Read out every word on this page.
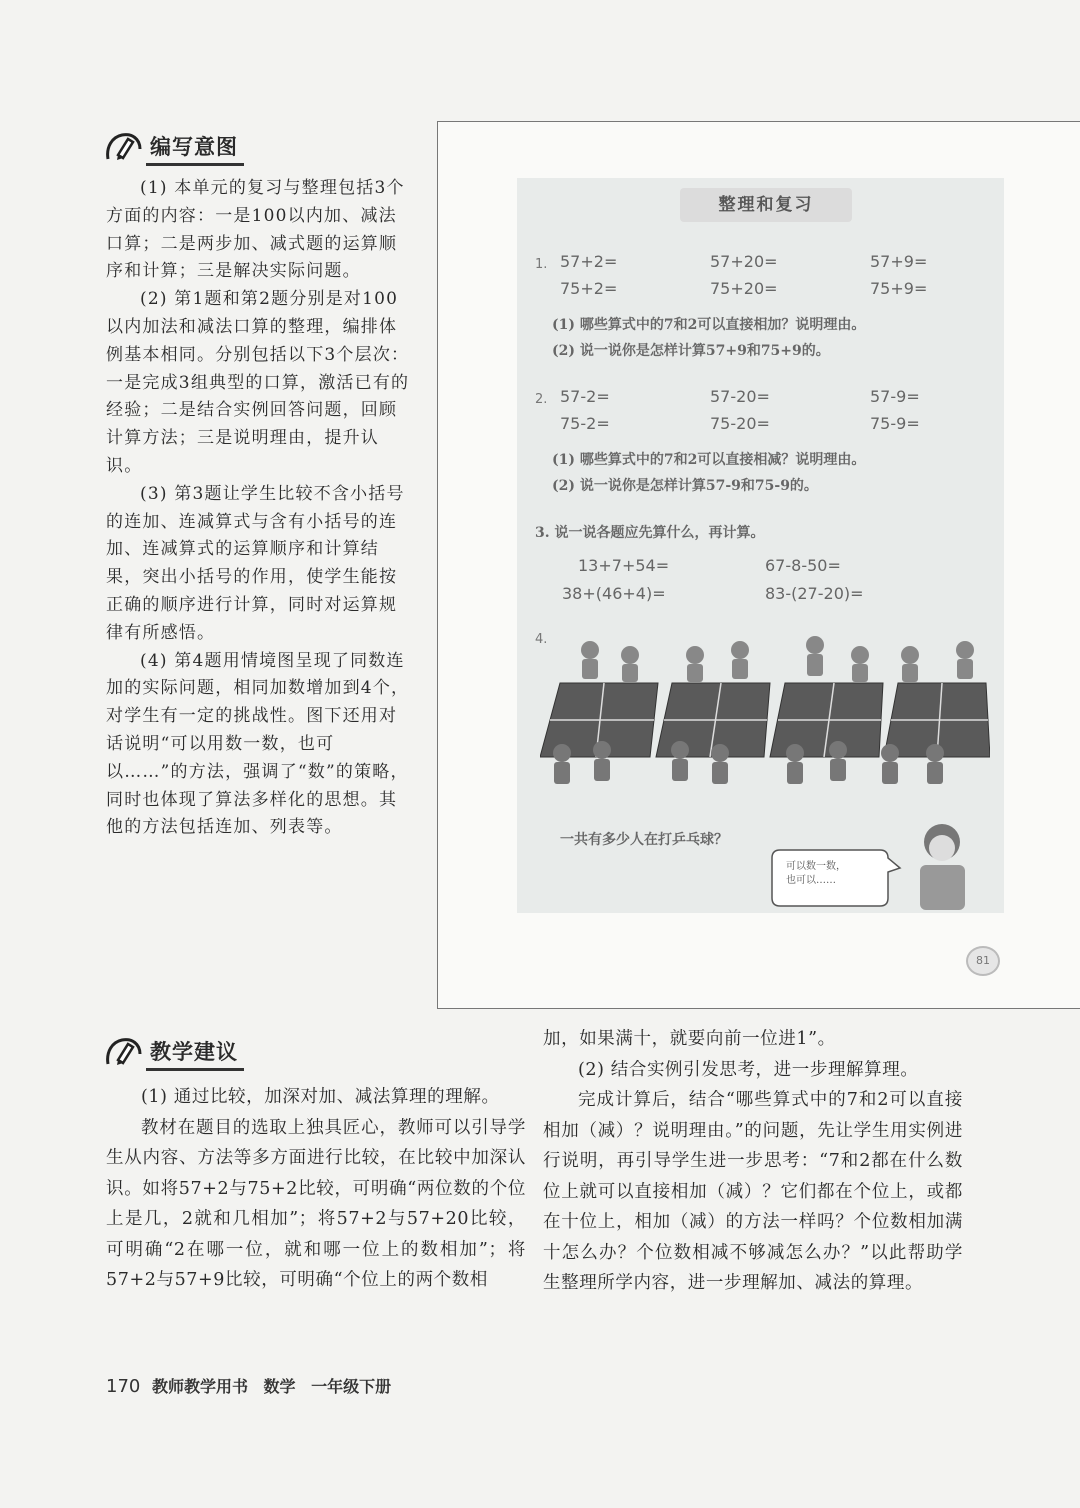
编写意图

(1) 本单元的复习与整理包括3个方面的内容：一是100以内加、减法口算；二是两步加、减式题的运算顺序和计算；三是解决实际问题。

(2) 第1题和第2题分别是对100以内加法和减法口算的整理，编排体例基本相同。分别包括以下3个层次：一是完成3组典型的口算，激活已有的经验；二是结合实例回答问题，回顾计算方法；三是说明理由，提升认识。

(3) 第3题让学生比较不含小括号的连加、连减算式与含有小括号的连加、连减算式的运算顺序和计算结果，突出小括号的作用，使学生能按正确的顺序进行计算，同时对运算规律有所感悟。

(4) 第4题用情境图呈现了同数连加的实际问题，相同加数增加到4个，对学生有一定的挑战性。图下还用对话说明“可以用数一数，也可以……”的方法，强调了“数”的策略，同时也体现了算法多样化的思想。其他的方法包括连加、列表等。

整理和复习
1. 57+2=	57+20=	57+9=
75+2=	75+20=	75+9=
(1) 哪些算式中的7和2可以直接相加？说明理由。
(2) 说一说你是怎样计算57+9和75+9的。
2. 57-2=	57-20=	57-9=
75-2=	75-20=	75-9=
(1) 哪些算式中的7和2可以直接相减？说明理由。
(2) 说一说你是怎样计算57-9和75-9的。
3. 说一说各题应先算什么，再计算。
13+7+54=	67-8-50=
38+(46+4)=	83-(27-20)=
4.
一共有多少人在打乒乓球？
可以数一数，
也可以……
81
教学建议

(1) 通过比较，加深对加、减法算理的理解。

教材在题目的选取上独具匠心，教师可以引导学生从内容、方法等多方面进行比较，在比较中加深认识。如将57+2与75+2比较，可明确“两位数的个位上是几，2就和几相加”；将57+2与57+20比较，可明确“2在哪一位，就和哪一位上的数相加”；将57+2与57+9比较，可明确“个位上的两个数相

加，如果满十，就要向前一位进1”。

(2) 结合实例引发思考，进一步理解算理。

完成计算后，结合“哪些算式中的7和2可以直接相加（减）？说明理由。”的问题，先让学生用实例进行说明，再引导学生进一步思考：“7和2都在什么数位上就可以直接相加（减）？它们都在个位上，或都在十位上，相加（减）的方法一样吗？个位数相加满十怎么办？个位数相减不够减怎么办？”以此帮助学生整理所学内容，进一步理解加、减法的算理。

170 教师教学用书 数学 一年级下册
